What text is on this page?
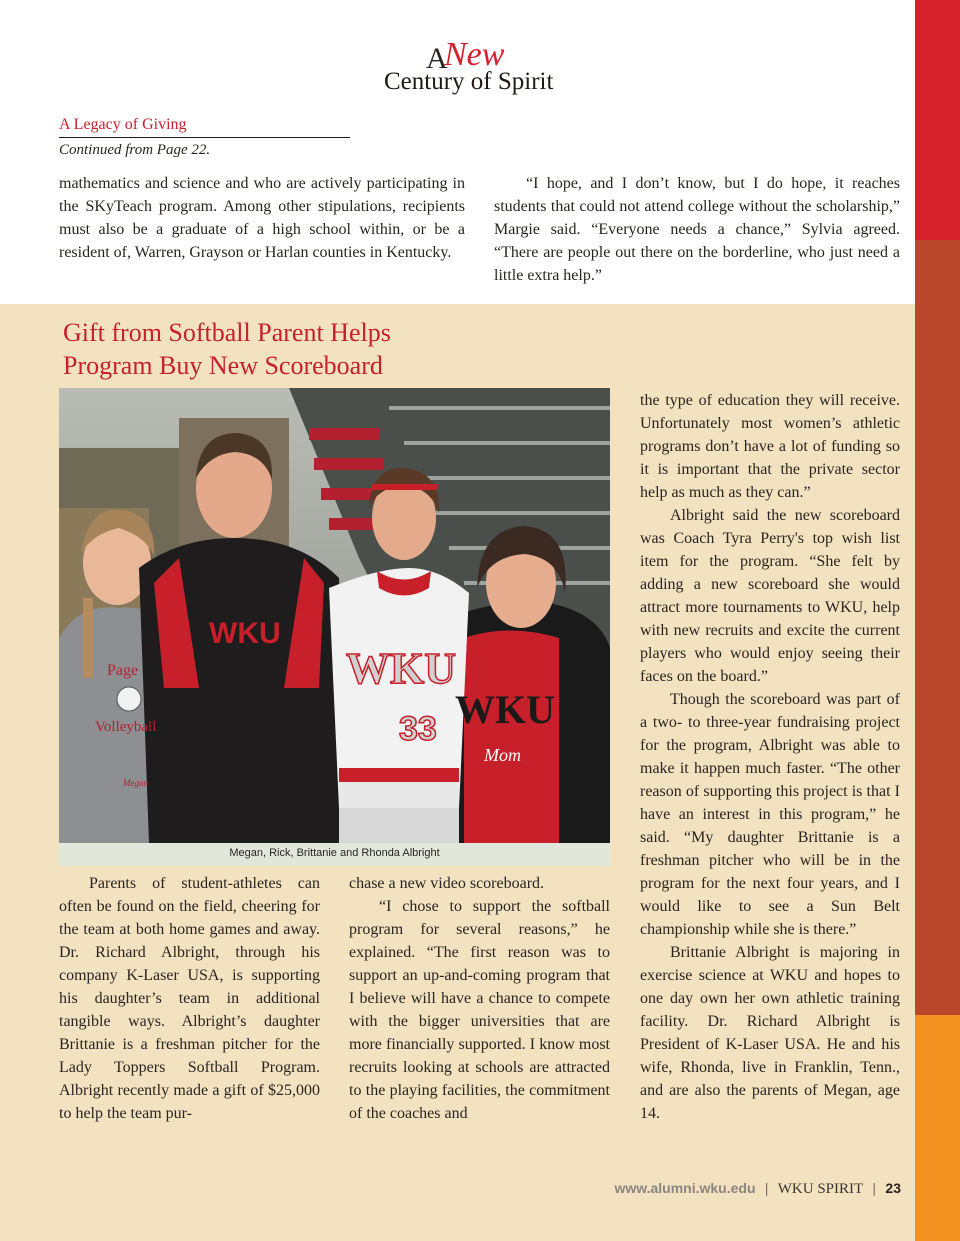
A
New
Century of Spirit
A Legacy of Giving
Continued from Page 22.

mathematics and science and who are actively participating in the SKyTeach program. Among other stipulations, recipients must also be a graduate of a high school within, or be a resident of, Warren, Grayson or Harlan counties in Kentucky.

“I hope, and I don’t know, but I do hope, it reaches students that could not attend college without the scholarship,” Margie said. “Everyone needs a chance,” Sylvia agreed. “There are people out there on the borderline, who just need a little extra help.”

Gift from Softball Parent Helps
Program Buy New Scoreboard
Page
Volleyball
Megan
WKU
WKU
33 WKU
Mom
Megan, Rick, Brittanie and Rhonda Albright

Parents of student-athletes can often be found on the field, cheering for the team at both home games and away. Dr. Richard Albright, through his company K-Laser USA, is supporting his daughter’s team in additional tangible ways. Albright’s daughter Brittanie is a freshman pitcher for the Lady Toppers Softball Program. Albright recently made a gift of $25,000 to help the team pur-

chase a new video scoreboard.

“I chose to support the softball program for several reasons,” he explained. “The first reason was to support an up-and-coming program that I believe will have a chance to compete with the bigger universities that are more financially supported. I know most recruits looking at schools are attracted to the playing facilities, the commitment of the coaches and

the type of education they will receive. Unfortunately most women’s athletic programs don’t have a lot of funding so it is important that the private sector help as much as they can.”

Albright said the new scoreboard was Coach Tyra Perry's top wish list item for the program. “She felt by adding a new scoreboard she would attract more tournaments to WKU, help with new recruits and excite the current players who would enjoy seeing their faces on the board.”

Though the scoreboard was part of a two- to three-year fundraising project for the program, Albright was able to make it happen much faster. “The other reason of supporting this project is that I have an interest in this program,” he said. “My daughter Brittanie is a freshman pitcher who will be in the program for the next four years, and I would like to see a Sun Belt championship while she is there.”

Brittanie Albright is majoring in exercise science at WKU and hopes to one day own her own athletic training facility. Dr. Richard Albright is President of K-Laser USA. He and his wife, Rhonda, live in Franklin, Tenn., and are also the parents of Megan, age 14.

www.alumni.wku.edu | WKU SPIRIT | 23
